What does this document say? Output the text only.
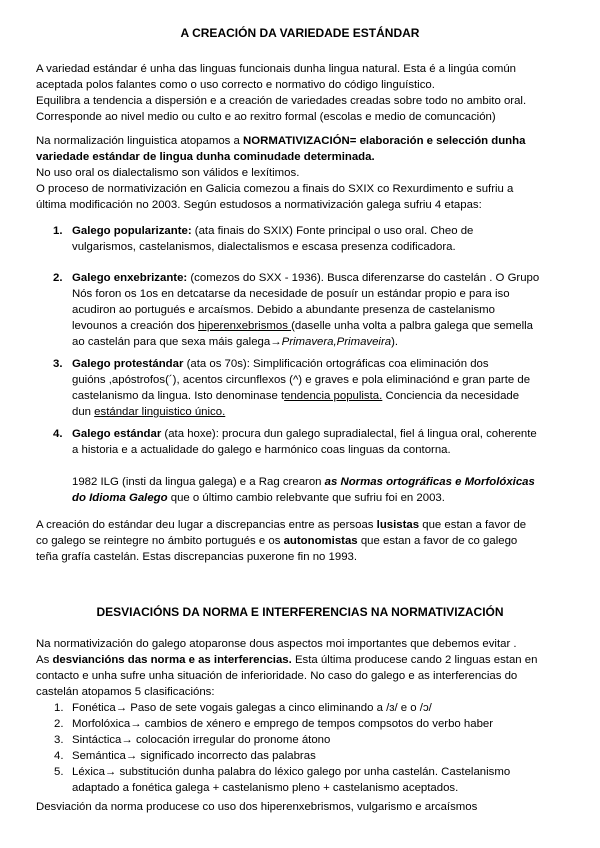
A CREACIÓN DA VARIEDADE ESTÁNDAR

A variedad estándar é unha das linguas funcionais dunha lingua natural. Esta é a lingúa común

aceptada polos falantes como o uso correcto e normativo do código linguístico.

Equilibra a tendencia a dispersión e a creación de variedades creadas sobre todo no ambito oral.

Corresponde ao nivel medio ou culto e ao rexitro formal (escolas e medio de comuncación)

Na normalización linguistica atopamos a NORMATIVIZACIÓN= elaboración e selección dunha

variedade estándar de lingua dunha cominudade determinada.

No uso oral os dialectalismo son válidos e lexítimos.

O proceso de normativización en Galicia comezou a finais do SXIX co Rexurdimento e sufriu a

última modificación no 2003. Según estudosos a normativización galega sufriu 4 etapas:

1. Galego popularizante: (ata finais do SXIX) Fonte principal o uso oral. Cheo de

vulgarismos, castelanismos, dialectalismos e escasa presenza codificadora.

2. Galego enxebrizante: (comezos do SXX - 1936). Busca diferenzarse do castelán . O Grupo

Nós foron os 1os en detcatarse da necesidade de posuír un estándar propio e para iso

acudiron ao portugués e arcaísmos. Debido a abundante presenza de castelanismo

levounos a creación dos hiperenxebrismos (daselle unha volta a palbra galega que semella

ao castelán para que sexa máis galega→Primavera,Primaveira).

3. Galego protestándar (ata os 70s): Simplificación ortográficas coa eliminación dos

guións ,apóstrofos(´), acentos circunflexos (^) e graves e pola eliminaciónd e gran parte de

castelanismo da lingua. Isto denominase tendencia populista. Conciencia da necesidade

dun estándar linguistico único.

4. Galego estándar (ata hoxe): procura dun galego supradialectal, fiel á lingua oral, coherente

a historia e a actualidade do galego e harmónico coas linguas da contorna.

1982 ILG (insti da lingua galega) e a Rag crearon as Normas ortográficas e Morfolóxicas

do Idioma Galego que o último cambio relebvante que sufriu foi en 2003.

A creación do estándar deu lugar a discrepancias entre as persoas lusistas que estan a favor de

co galego se reintegre no ámbito portugués e os autonomistas que estan a favor de co galego

teña grafía castelán. Estas discrepancias puxerone fin no 1993.

DESVIACIÓNS DA NORMA E INTERFERENCIAS NA NORMATIVIZACIÓN

Na normativización do galego atoparonse dous aspectos moi importantes que debemos evitar .

As desviancións das norma e as interferencias. Esta última producese cando 2 linguas estan en

contacto e unha sufre unha situación de inferioridade. No caso do galego e as interferencias do

castelán atopamos 5 clasificacións:

1. Fonética→ Paso de sete vogais galegas a cinco eliminando a /ɜ/ e o /ɔ/
2. Morfolóxica→ cambios de xénero e emprego de tempos compsotos do verbo haber
3. Sintáctica→ colocación irregular do pronome átono
4. Semántica→ significado incorrecto das palabras
5. Léxica→ substitución dunha palabra do léxico galego por unha castelán. Castelanismo
adaptado a fonética galega + castelanismo pleno + castelanismo aceptados.

Desviación da norma producese co uso dos hiperenxebrismos, vulgarismo e arcaísmos
